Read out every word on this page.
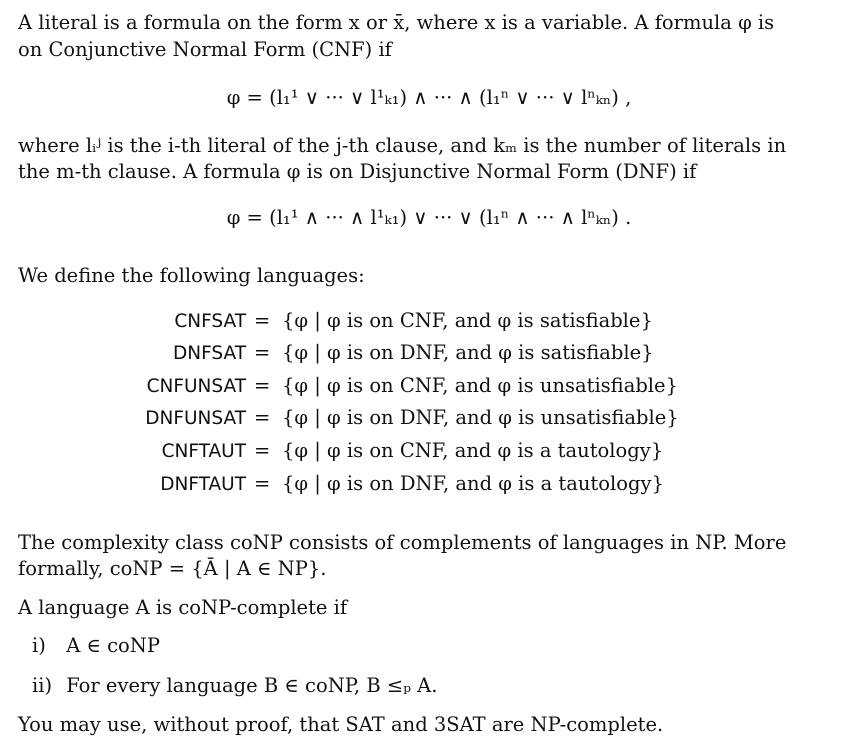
A literal is a formula on the form x or x̄, where x is a variable. A formula φ is
on Conjunctive Normal Form (CNF) if
φ = (l₁¹ ∨ ··· ∨ l¹ₖ₁) ∧ ··· ∧ (l₁ⁿ ∨ ··· ∨ lⁿₖₙ) ,
where lᵢʲ is the i-th literal of the j-th clause, and kₘ is the number of literals in
the m-th clause. A formula φ is on Disjunctive Normal Form (DNF) if
φ = (l₁¹ ∧ ··· ∧ l¹ₖ₁) ∨ ··· ∨ (l₁ⁿ ∧ ··· ∧ lⁿₖₙ) .
We define the following languages:
CNFSAT = {φ | φ is on CNF, and φ is satisfiable}
DNFSAT = {φ | φ is on DNF, and φ is satisfiable}
CNFUNSAT = {φ | φ is on CNF, and φ is unsatisfiable}
DNFUNSAT = {φ | φ is on DNF, and φ is unsatisfiable}
CNFTAUT = {φ | φ is on CNF, and φ is a tautology}
DNFTAUT = {φ | φ is on DNF, and φ is a tautology}
The complexity class coNP consists of complements of languages in NP. More
formally, coNP = {Ā | A ∈ NP}.
A language A is coNP-complete if
i) A ∈ coNP
ii) For every language B ∈ coNP, B ≤ₚ A.
You may use, without proof, that SAT and 3SAT are NP-complete.
